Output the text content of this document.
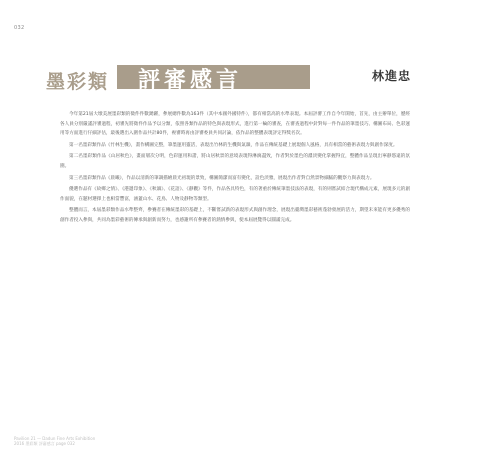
032
墨彩類 評審感言	林進忠

今年第21屆大墩美展墨彩類的徵件件數踴躍，參展總件數為163件（其中本國外國特件），都有相當高的水準表現。本屆評審工作自今年開始，首先，由主辦單位，歷經各人員分別嚴謹評審過程，初審先將徵件作品予以分類，依照各類作品的特色與表現形式，進行第一輪的審查，在審查過程中針對每一件作品的筆墨技巧、構圖布局、色彩運用等方面進行仔細評估，最後選出入圍作品共計80件，複審時再由評審委員共同討論，依作品的整體表現評定得獎名次。

第一名墨彩類作品《竹林生機》，畫作構圖完整，筆墨運用靈活，表現出竹林的生機與氣韻，作品在傳統基礎上展現個人風格，具有相當的藝術表現力與創作深度。

第二名墨彩類作品《山居秋色》，畫面層次分明，色彩運用和諧，將山居秋景的意境表現得淋漓盡致，作者對於墨色的濃淡變化掌握得宜，整體作品呈現出寧靜悠遠的氛圍。

第三名墨彩類作品《晨曦》，作品以清新的筆調描繪晨光初現的景致，構圖簡潔而富有變化，設色淡雅，展現出作者對自然景物細膩的觀察力與表現力。

優選作品有《故鄉之情》、《港邊印象》、《秋韻》、《花語》、《靜觀》等件，作品各具特色，有的著重於傳統筆墨技法的表現，有的則嘗試結合現代構成元素，展現多元的創作面貌，在題材選擇上也相當豐富，涵蓋山水、花鳥、人物及靜物等類型。

整體而言，本屆墨彩類作品水準整齊，參賽者在傳統墨彩的基礎上，不斷嘗試新的表現形式與創作理念，展現出臺灣墨彩藝術蓬勃發展的活力，期望未來能有更多優秀的創作者投入參與，共同為墨彩藝術的傳承與創新而努力，也感謝所有參賽者的熱情參與，使本屆展覽得以圓滿完成。

Pavilion 21 — Dadun Fine Arts Exhibition
2016 墨彩類 評審感言 page 032
